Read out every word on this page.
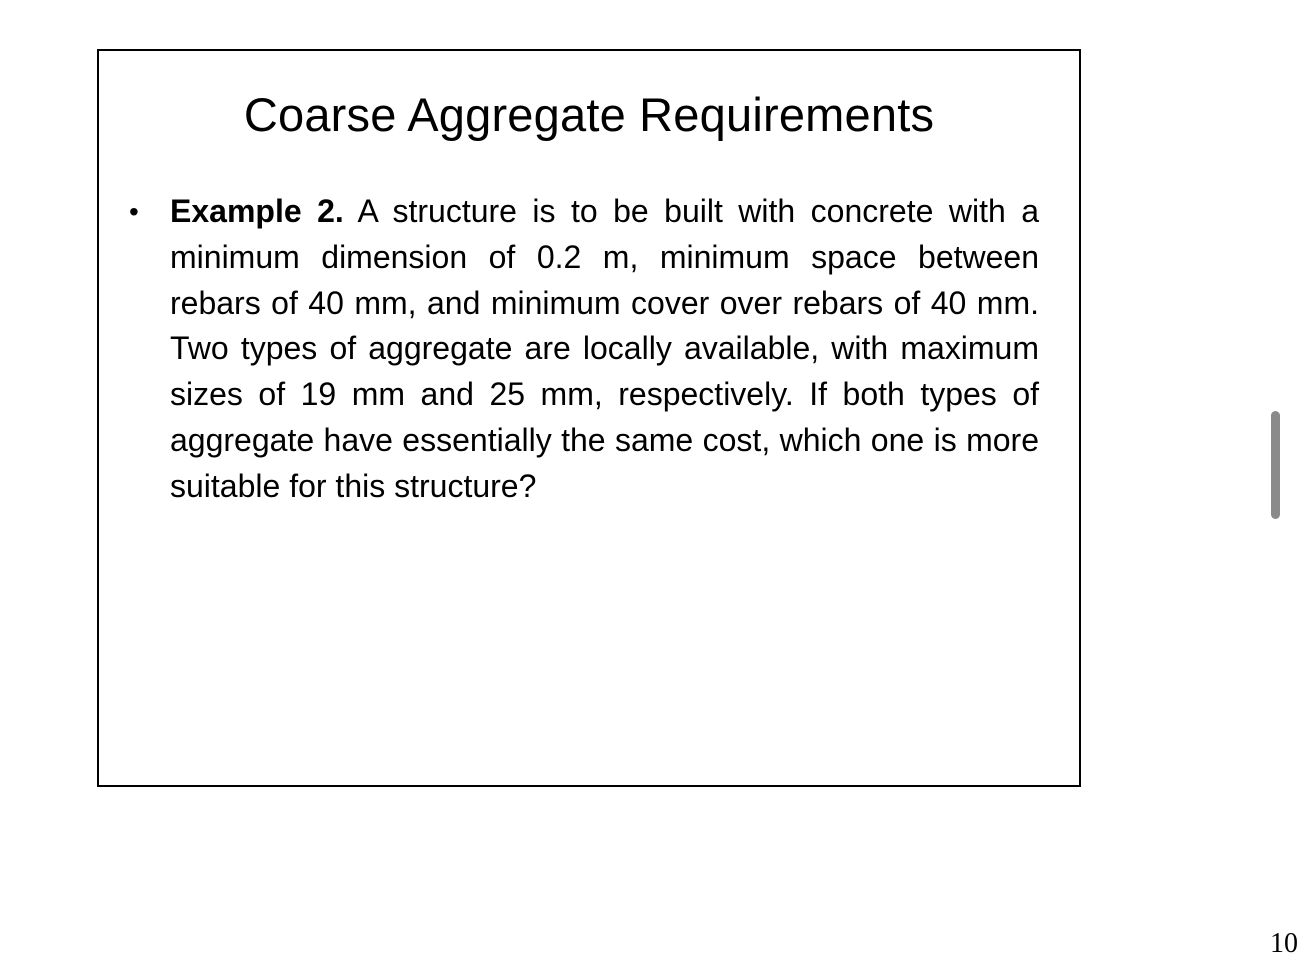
Coarse Aggregate Requirements
• Example 2. A structure is to be built with concrete with a minimum dimension of 0.2 m, minimum space between rebars of 40 mm, and minimum cover over rebars of 40 mm. Two types of aggregate are locally available, with maximum sizes of 19 mm and 25 mm, respectively. If both types of aggregate have essentially the same cost, which one is more suitable for this structure?
10
